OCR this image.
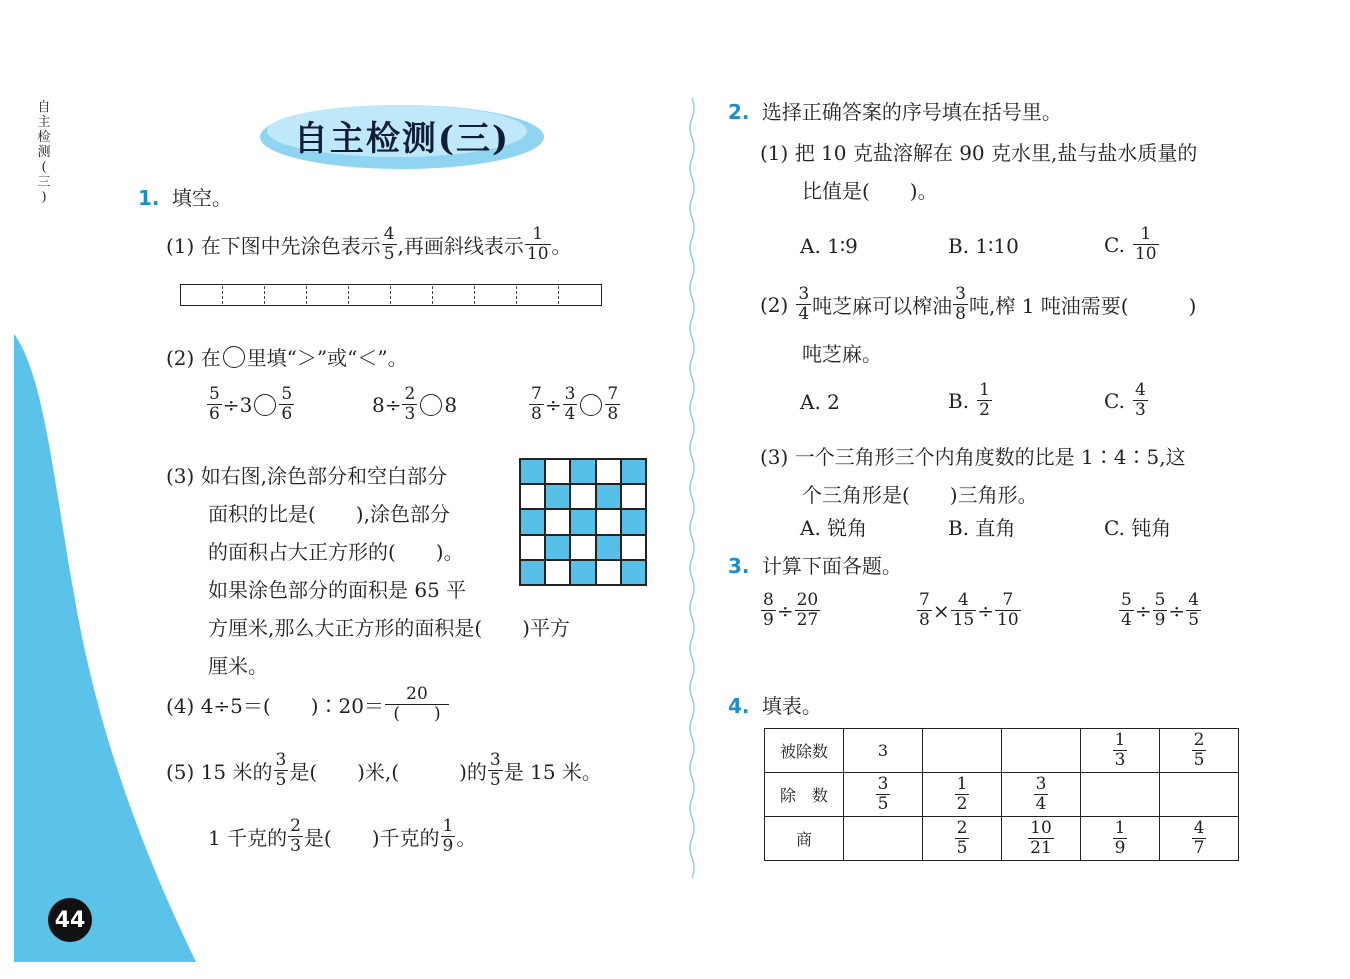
自
主
检
测
(
三
)
自主检测(三)
1. 填空。
(1) 在下图中先涂色表示 $\frac{4}{5}$ ,再画斜线表示 $\frac{1}{10}$ 。
(2) 在 里填“＞”或“＜”。
$\frac{5}{6} \div 3 \frac{5}{6}$	$8\div \frac{2}{3} 8$	$\frac{7}{8} \div \frac{3}{4} \frac{7}{8}$
(3) 如右图,涂色部分和空白部分
面积的比是(　　),涂色部分
的面积占大正方形的(　　)。
如果涂色部分的面积是 65 平
方厘米,那么大正方形的面积是(　　)平方
厘米。
(4) 4÷5＝(　　)∶20＝ $\frac{20}{( )}$
(5) 15 米的 $\frac{3}{5}$ 是(　　)米,(　　　)的 $\frac{3}{5}$ 是 15 米。
1 千克的 $\frac{2}{3}$ 是(　　)千克的 $\frac{1}{9}$ 。
44
2. 选择正确答案的序号填在括号里。
(1) 把 10 克盐溶解在 90 克水里,盐与盐水质量的
比值是(　　)。
A. 1∶9	B. 1∶10	C. $\frac{1}{10}$
$(2) \frac{3}{4}$ 吨芝麻可以榨油 $\frac{3}{8}$ 吨,榨 1 吨油需要(　　　)
吨芝麻。
A. 2	B. $\frac{1}{2}$	C. $\frac{4}{3}$
(3) 一个三角形三个内角度数的比是 1∶4∶5,这
个三角形是(　　)三角形。
A. 锐角	B. 直角	C. 钝角
3. 计算下面各题。
$\frac{8}{9} \div \frac{20}{27}$	$\frac{7}{8} \times \frac{4}{15} \div \frac{7}{10}$	$\frac{5}{4} \div \frac{5}{9} \div \frac{4}{5}$
4. 填表。
被除数	3			$\frac{1}{3}$	$\frac{2}{5}$

除　数	$\frac{3}{5}$	$\frac{1}{2}$	$\frac{3}{4}$

商		$\frac{2}{5}$	$\frac{10}{21}$	$\frac{1}{9}$	$\frac{4}{7}$
